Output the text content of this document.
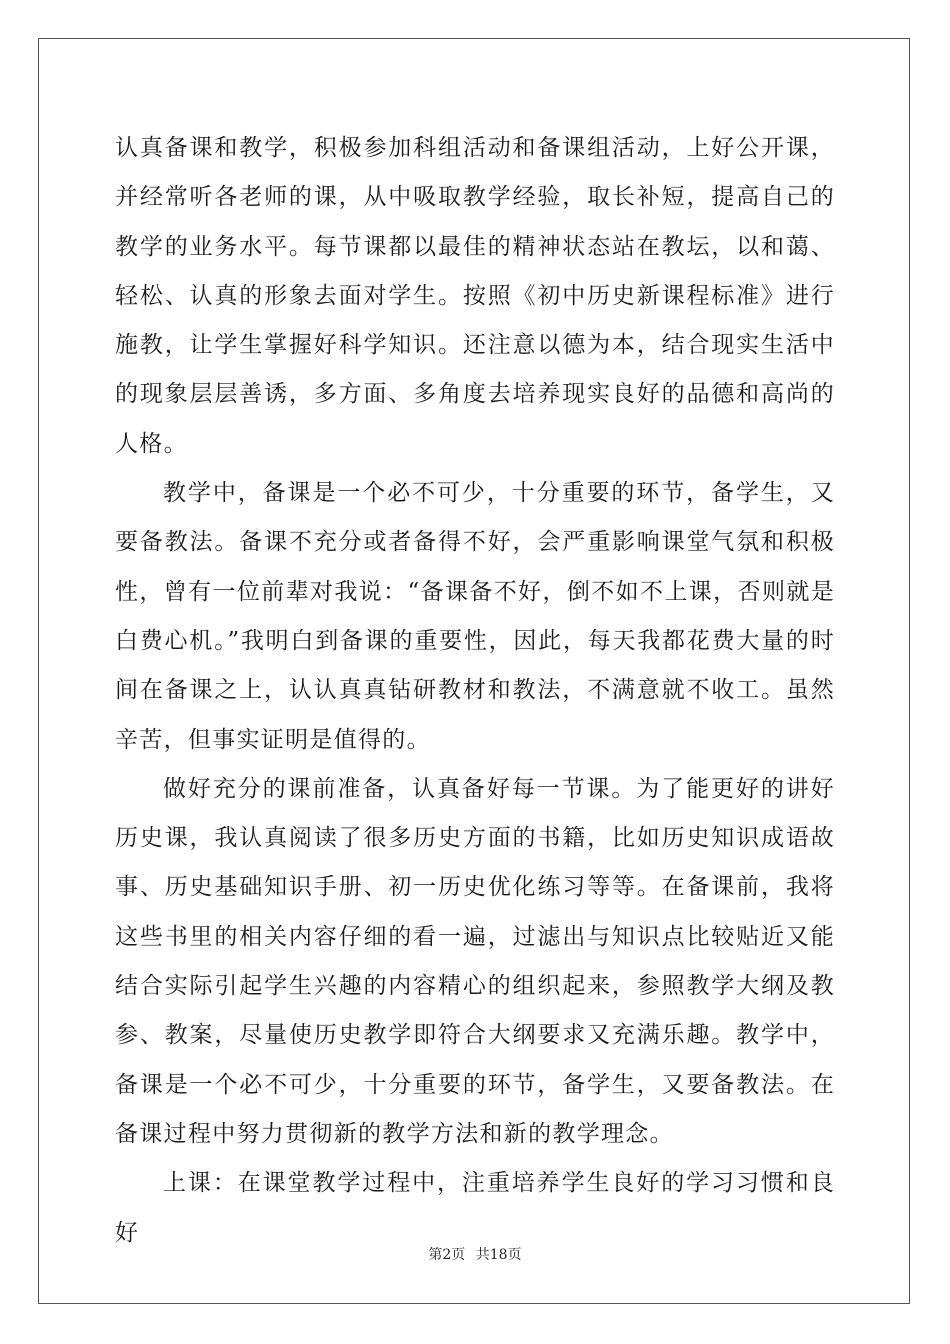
认真备课和教学，积极参加科组活动和备课组活动，上好公开课，并经常听各老师的课，从中吸取教学经验，取长补短，提高自己的教学的业务水平。每节课都以最佳的精神状态站在教坛，以和蔼、轻松、认真的形象去面对学生。按照《初中历史新课程标准》进行施教，让学生掌握好科学知识。还注意以德为本，结合现实生活中的现象层层善诱，多方面、多角度去培养现实良好的品德和高尚的人格。

教学中，备课是一个必不可少，十分重要的环节，备学生，又要备教法。备课不充分或者备得不好，会严重影响课堂气氛和积极性，曾有一位前辈对我说：“备课备不好，倒不如不上课，否则就是白费心机。”我明白到备课的重要性，因此，每天我都花费大量的时间在备课之上，认认真真钻研教材和教法，不满意就不收工。虽然辛苦，但事实证明是值得的。

做好充分的课前准备，认真备好每一节课。为了能更好的讲好历史课，我认真阅读了很多历史方面的书籍，比如历史知识成语故事、历史基础知识手册、初一历史优化练习等等。在备课前，我将这些书里的相关内容仔细的看一遍，过滤出与知识点比较贴近又能结合实际引起学生兴趣的内容精心的组织起来，参照教学大纲及教参、教案，尽量使历史教学即符合大纲要求又充满乐趣。教学中，备课是一个必不可少，十分重要的环节，备学生，又要备教法。在备课过程中努力贯彻新的教学方法和新的教学理念。

上课：在课堂教学过程中，注重培养学生良好的学习习惯和良好

第2页 共18页
